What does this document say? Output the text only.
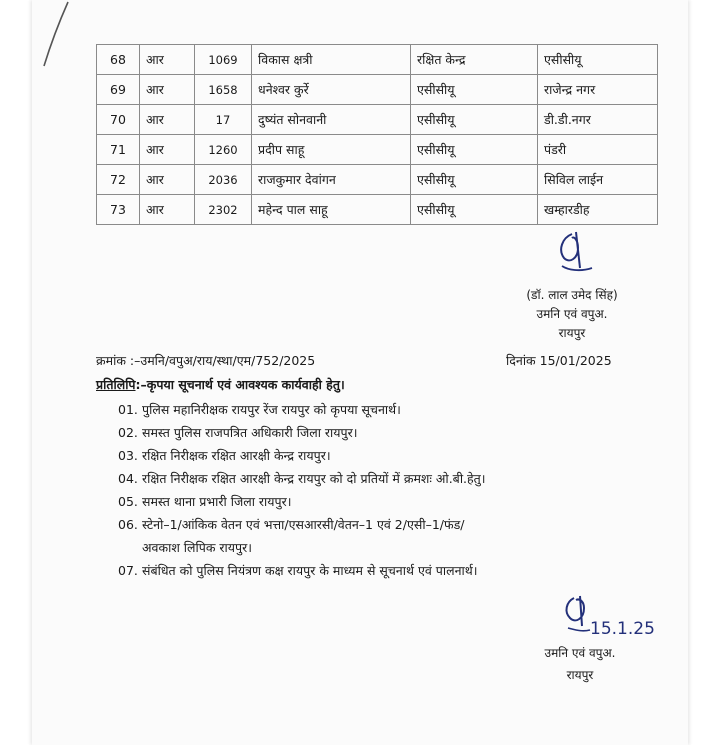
68	आर	1069	विकास क्षत्री	रक्षित केन्द्र	एसीसीयू
69	आर	1658	धनेश्वर कुर्रे	एसीसीयू	राजेन्द्र नगर
70	आर	17	दुष्यंत सोनवानी	एसीसीयू	डी.डी.नगर
71	आर	1260	प्रदीप साहू	एसीसीयू	पंडरी
72	आर	2036	राजकुमार देवांगन	एसीसीयू	सिविल लाईन
73	आर	2302	महेन्द पाल साहू	एसीसीयू	खम्हारडीह
(डॉ. लाल उमेद सिंह)
उमनि एवं वपुअ.
रायपुर
क्रमांक :–उमनि/वपुअ/राय/स्था/एम/752/2025	दिनांक 15/01/2025
प्रतिलिपि:–कृपया सूचनार्थ एवं आवश्यक कार्यवाही हेतु।
01. पुलिस महानिरीक्षक रायपुर रेंज रायपुर को कृपया सूचनार्थ।
02. समस्त पुलिस राजपत्रित अधिकारी जिला रायपुर।
03. रक्षित निरीक्षक रक्षित आरक्षी केन्द्र रायपुर।
04. रक्षित निरीक्षक रक्षित आरक्षी केन्द्र रायपुर को दो प्रतियों में क्रमशः ओ.बी.हेतु।
05. समस्त थाना प्रभारी जिला रायपुर।
06. स्टेनो–1/आंकिक वेतन एवं भत्ता/एसआरसी/वेतन–1 एवं 2/एसी–1/फंड/
अवकाश लिपिक रायपुर।
07. संबंधित को पुलिस नियंत्रण कक्ष रायपुर के माध्यम से सूचनार्थ एवं पालनार्थ।
15.1.25
उमनि एवं वपुअ.
रायपुर
